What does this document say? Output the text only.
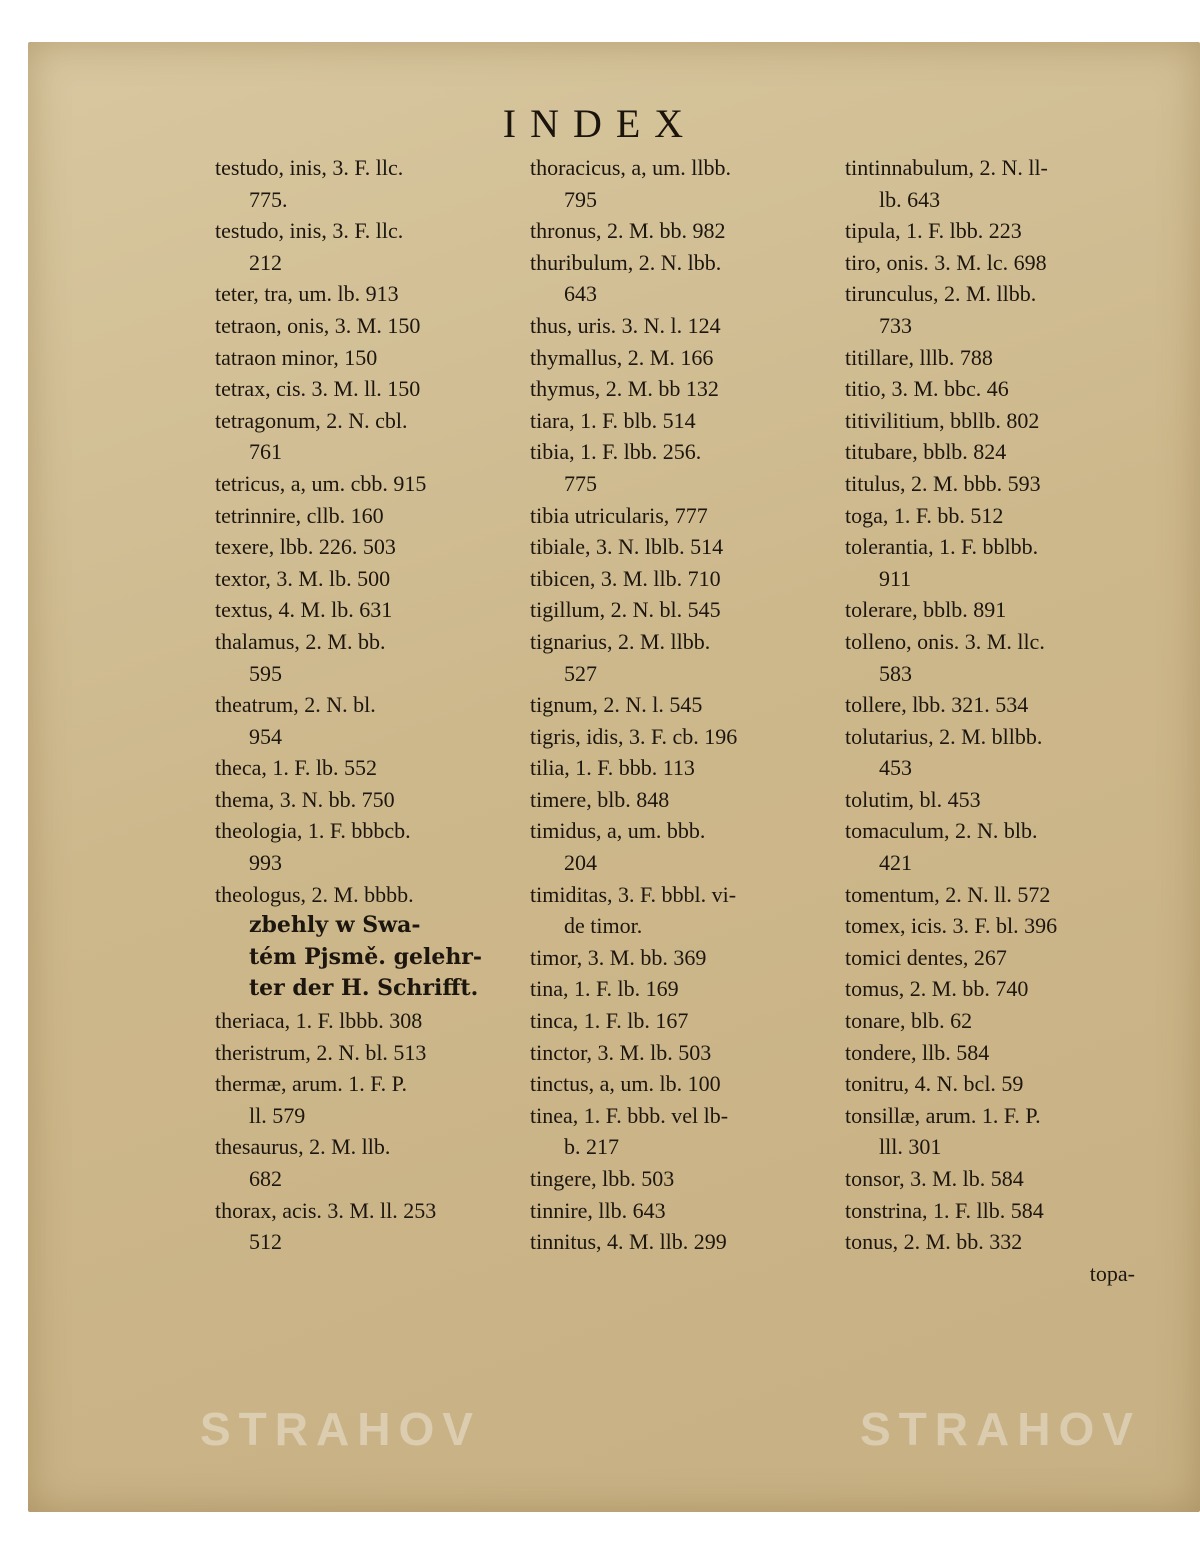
INDEX
testudo, inis, 3. F. llc.
775.
testudo, inis, 3. F. llc.
212
teter, tra, um. lb. 913
tetraon, onis, 3. M. 150
tatraon minor, 150
tetrax, cis. 3. M. ll. 150
tetragonum, 2. N. cbl.
761
tetricus, a, um. cbb. 915
tetrinnire, cllb. 160
texere, lbb. 226. 503
textor, 3. M. lb. 500
textus, 4. M. lb. 631
thalamus, 2. M. bb.
595
theatrum, 2. N. bl.
954
theca, 1. F. lb. 552
thema, 3. N. bb. 750
theologia, 1. F. bbbcb.
993
theologus, 2. M. bbbb.
zbehly w Swa-
tém Pjsmě. gelehr-
ter der H. Schrifft.
theriaca, 1. F. lbbb. 308
theristrum, 2. N. bl. 513
thermæ, arum. 1. F. P.
ll. 579
thesaurus, 2. M. llb.
682
thorax, acis. 3. M. ll. 253
512
thoracicus, a, um. llbb.
795
thronus, 2. M. bb. 982
thuribulum, 2. N. lbb.
643
thus, uris. 3. N. l. 124
thymallus, 2. M. 166
thymus, 2. M. bb 132
tiara, 1. F. blb. 514
tibia, 1. F. lbb. 256.
775
tibia utricularis, 777
tibiale, 3. N. lblb. 514
tibicen, 3. M. llb. 710
tigillum, 2. N. bl. 545
tignarius, 2. M. llbb.
527
tignum, 2. N. l. 545
tigris, idis, 3. F. cb. 196
tilia, 1. F. bbb. 113
timere, blb. 848
timidus, a, um. bbb.
204
timiditas, 3. F. bbbl. vi-
de timor.
timor, 3. M. bb. 369
tina, 1. F. lb. 169
tinca, 1. F. lb. 167
tinctor, 3. M. lb. 503
tinctus, a, um. lb. 100
tinea, 1. F. bbb. vel lb-
b. 217
tingere, lbb. 503
tinnire, llb. 643
tinnitus, 4. M. llb. 299
tintinnabulum, 2. N. ll-
lb. 643
tipula, 1. F. lbb. 223
tiro, onis. 3. M. lc. 698
tirunculus, 2. M. llbb.
733
titillare, lllb. 788
titio, 3. M. bbc. 46
titivilitium, bbllb. 802
titubare, bblb. 824
titulus, 2. M. bbb. 593
toga, 1. F. bb. 512
tolerantia, 1. F. bblbb.
911
tolerare, bblb. 891
tolleno, onis. 3. M. llc.
583
tollere, lbb. 321. 534
tolutarius, 2. M. bllbb.
453
tolutim, bl. 453
tomaculum, 2. N. blb.
421
tomentum, 2. N. ll. 572
tomex, icis. 3. F. bl. 396
tomici dentes, 267
tomus, 2. M. bb. 740
tonare, blb. 62
tondere, llb. 584
tonitru, 4. N. bcl. 59
tonsillæ, arum. 1. F. P.
lll. 301
tonsor, 3. M. lb. 584
tonstrina, 1. F. llb. 584
tonus, 2. M. bb. 332
topa-
STRAHOV	STRAHOV
